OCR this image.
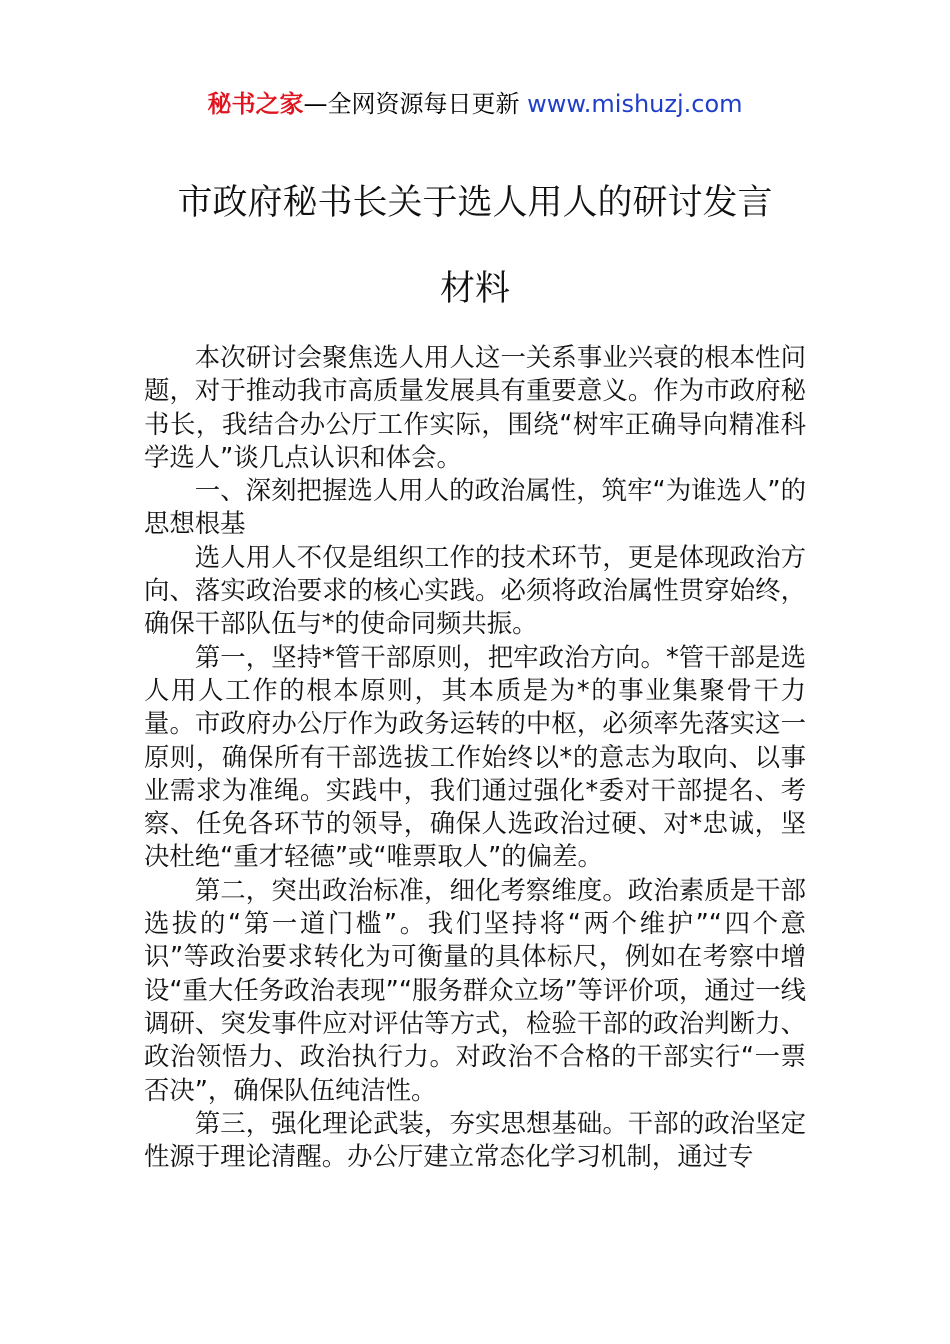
秘书之家—全网资源每日更新 www.mishuzj.com
市政府秘书长关于选人用人的研讨发言
材料

本次研讨会聚焦选人用人这一关系事业兴衰的根本性问题，对于推动我市高质量发展具有重要意义。作为市政府秘书长，我结合办公厅工作实际，围绕“树牢正确导向精准科学选人”谈几点认识和体会。

一、深刻把握选人用人的政治属性，筑牢“为谁选人”的思想根基

选人用人不仅是组织工作的技术环节，更是体现政治方向、落实政治要求的核心实践。必须将政治属性贯穿始终，确保干部队伍与*的使命同频共振。

第一，坚持*管干部原则，把牢政治方向。*管干部是选人用人工作的根本原则，其本质是为*的事业集聚骨干力量。市政府办公厅作为政务运转的中枢，必须率先落实这一原则，确保所有干部选拔工作始终以*的意志为取向、以事业需求为准绳。实践中，我们通过强化*委对干部提名、考察、任免各环节的领导，确保人选政治过硬、对*忠诚，坚决杜绝“重才轻德”或“唯票取人”的偏差。

第二，突出政治标准，细化考察维度。政治素质是干部选拔的“第一道门槛”。我们坚持将“两个维护”“四个意识”等政治要求转化为可衡量的具体标尺，例如在考察中增设“重大任务政治表现”“服务群众立场”等评价项，通过一线调研、突发事件应对评估等方式，检验干部的政治判断力、政治领悟力、政治执行力。对政治不合格的干部实行“一票否决”，确保队伍纯洁性。

第三，强化理论武装，夯实思想基础。干部的政治坚定性源于理论清醒。办公厅建立常态化学习机制，通过专
